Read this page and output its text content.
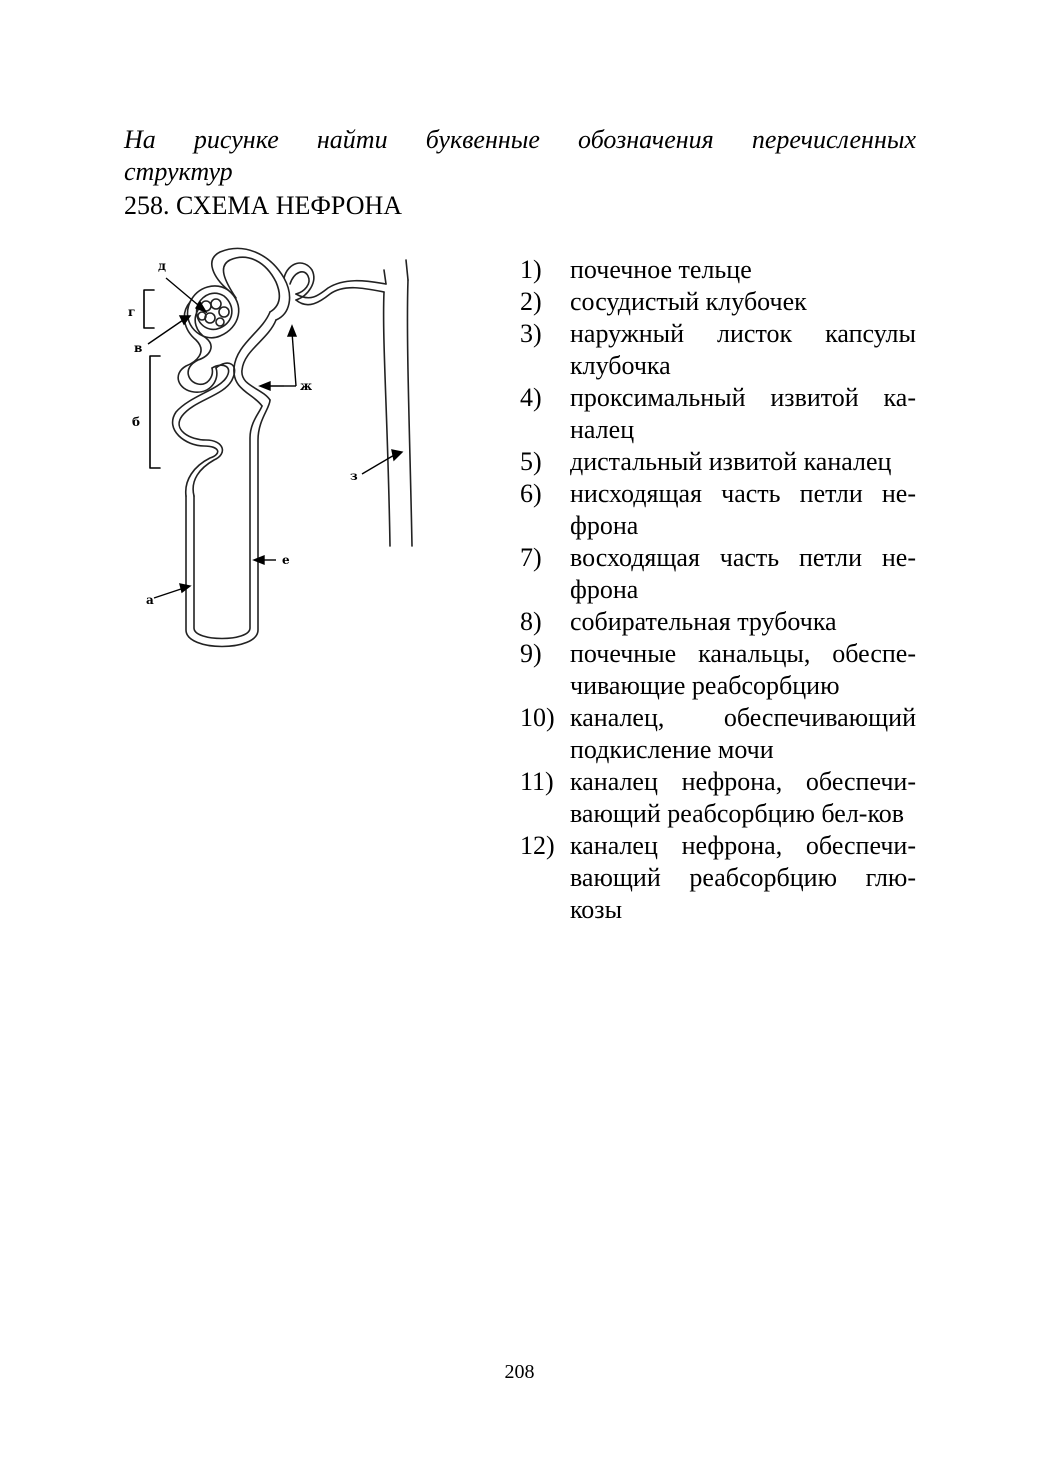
На рисунке найти буквенные обозначения перечисленных

структур

258. СХЕМА НЕФРОНА
д
г
в
б
ж
з
е
а
1) почечное тельце
2) сосудистый клубочек
3) наружный листок капсулы клубочка
4) проксимальный извитой ка-налец
5) дистальный извитой каналец
6) нисходящая часть петли не-фрона
7) восходящая часть петли не-фрона
8) собирательная трубочка
9) почечные канальцы, обеспе-чивающие реабсорбцию
10) каналец, обеспечивающий подкисление мочи
11) каналец нефрона, обеспечи-вающий реабсорбцию бел-ков
12) каналец нефрона, обеспечи-вающий реабсорбцию глю-козы
208
